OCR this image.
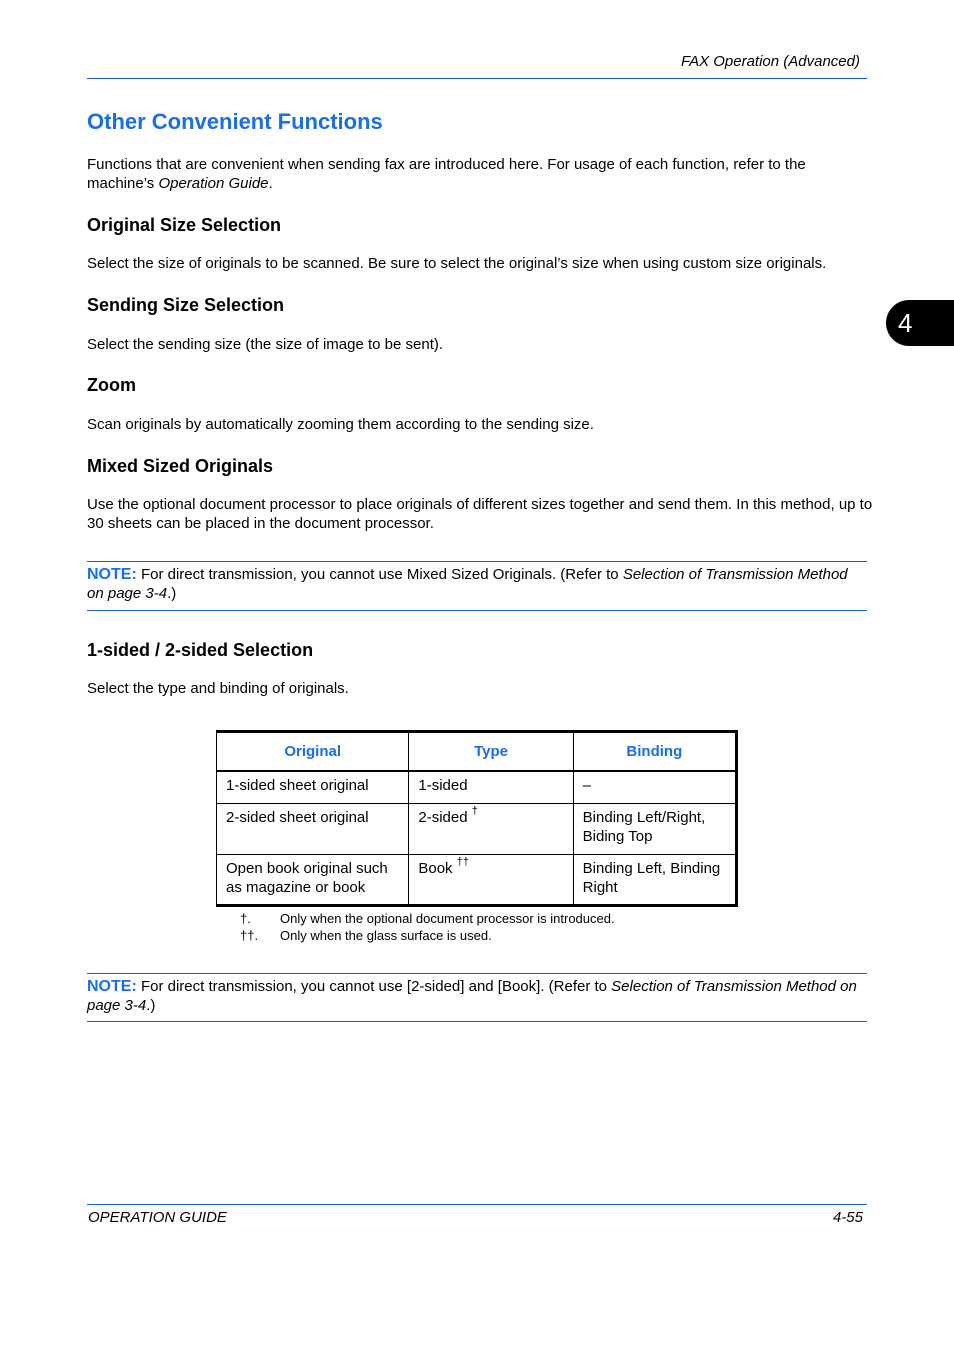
FAX Operation (Advanced)
4
Other Convenient Functions
Functions that are convenient when sending fax are introduced here. For usage of each function, refer to the machine’s Operation Guide.
Original Size Selection
Select the size of originals to be scanned. Be sure to select the original’s size when using custom size originals.
Sending Size Selection
Select the sending size (the size of image to be sent).
Zoom
Scan originals by automatically zooming them according to the sending size.
Mixed Sized Originals
Use the optional document processor to place originals of different sizes together and send them. In this method, up to 30 sheets can be placed in the document processor.
NOTE: For direct transmission, you cannot use Mixed Sized Originals. (Refer to Selection of Transmission Method on page 3-4.)
1-sided / 2-sided Selection
Select the type and binding of originals.
Original	Type	Binding
1-sided sheet original	1-sided	–
2-sided sheet original	2-sided †	Binding Left/Right, Biding Top
Open book original such as magazine or book	Book ††	Binding Left, Binding Right
†. Only when the optional document processor is introduced.
††. Only when the glass surface is used.
NOTE: For direct transmission, you cannot use [2-sided] and [Book]. (Refer to Selection of Transmission Method on page 3-4.)
OPERATION GUIDE	4-55
